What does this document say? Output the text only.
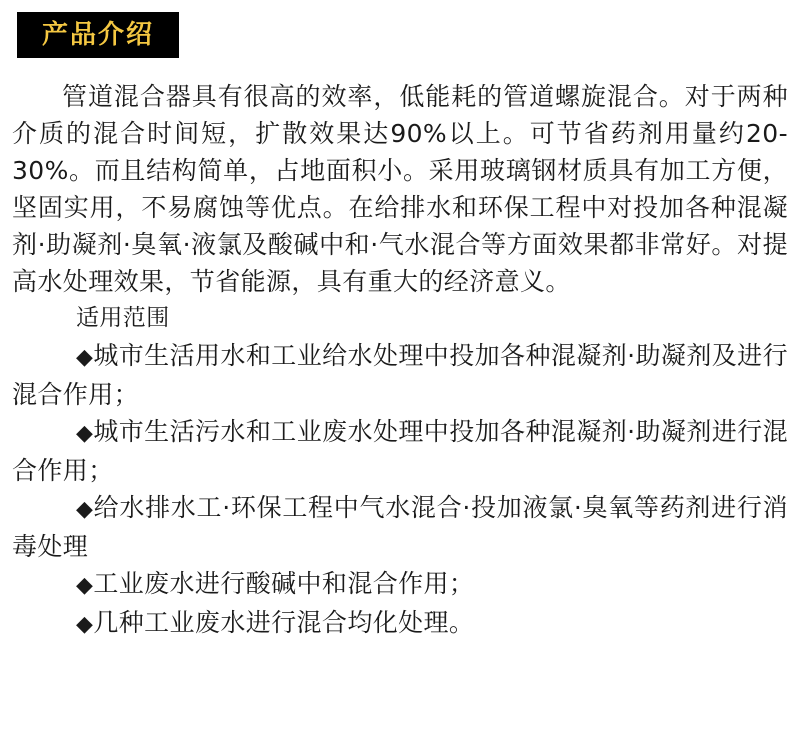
产品介绍

管道混合器具有很高的效率，低能耗的管道螺旋混合。对于两种介质的混合时间短，扩散效果达90%以上。可节省药剂用量约20-30%。而且结构简单，占地面积小。采用玻璃钢材质具有加工方便，坚固实用，不易腐蚀等优点。在给排水和环保工程中对投加各种混凝剂·助凝剂·臭氧·液氯及酸碱中和·气水混合等方面效果都非常好。对提高水处理效果，节省能源，具有重大的经济意义。

适用范围

◆城市生活用水和工业给水处理中投加各种混凝剂·助凝剂及进行混合作用；

◆城市生活污水和工业废水处理中投加各种混凝剂·助凝剂进行混合作用；

◆给水排水工·环保工程中气水混合·投加液氯·臭氧等药剂进行消毒处理

◆工业废水进行酸碱中和混合作用；

◆几种工业废水进行混合均化处理。
